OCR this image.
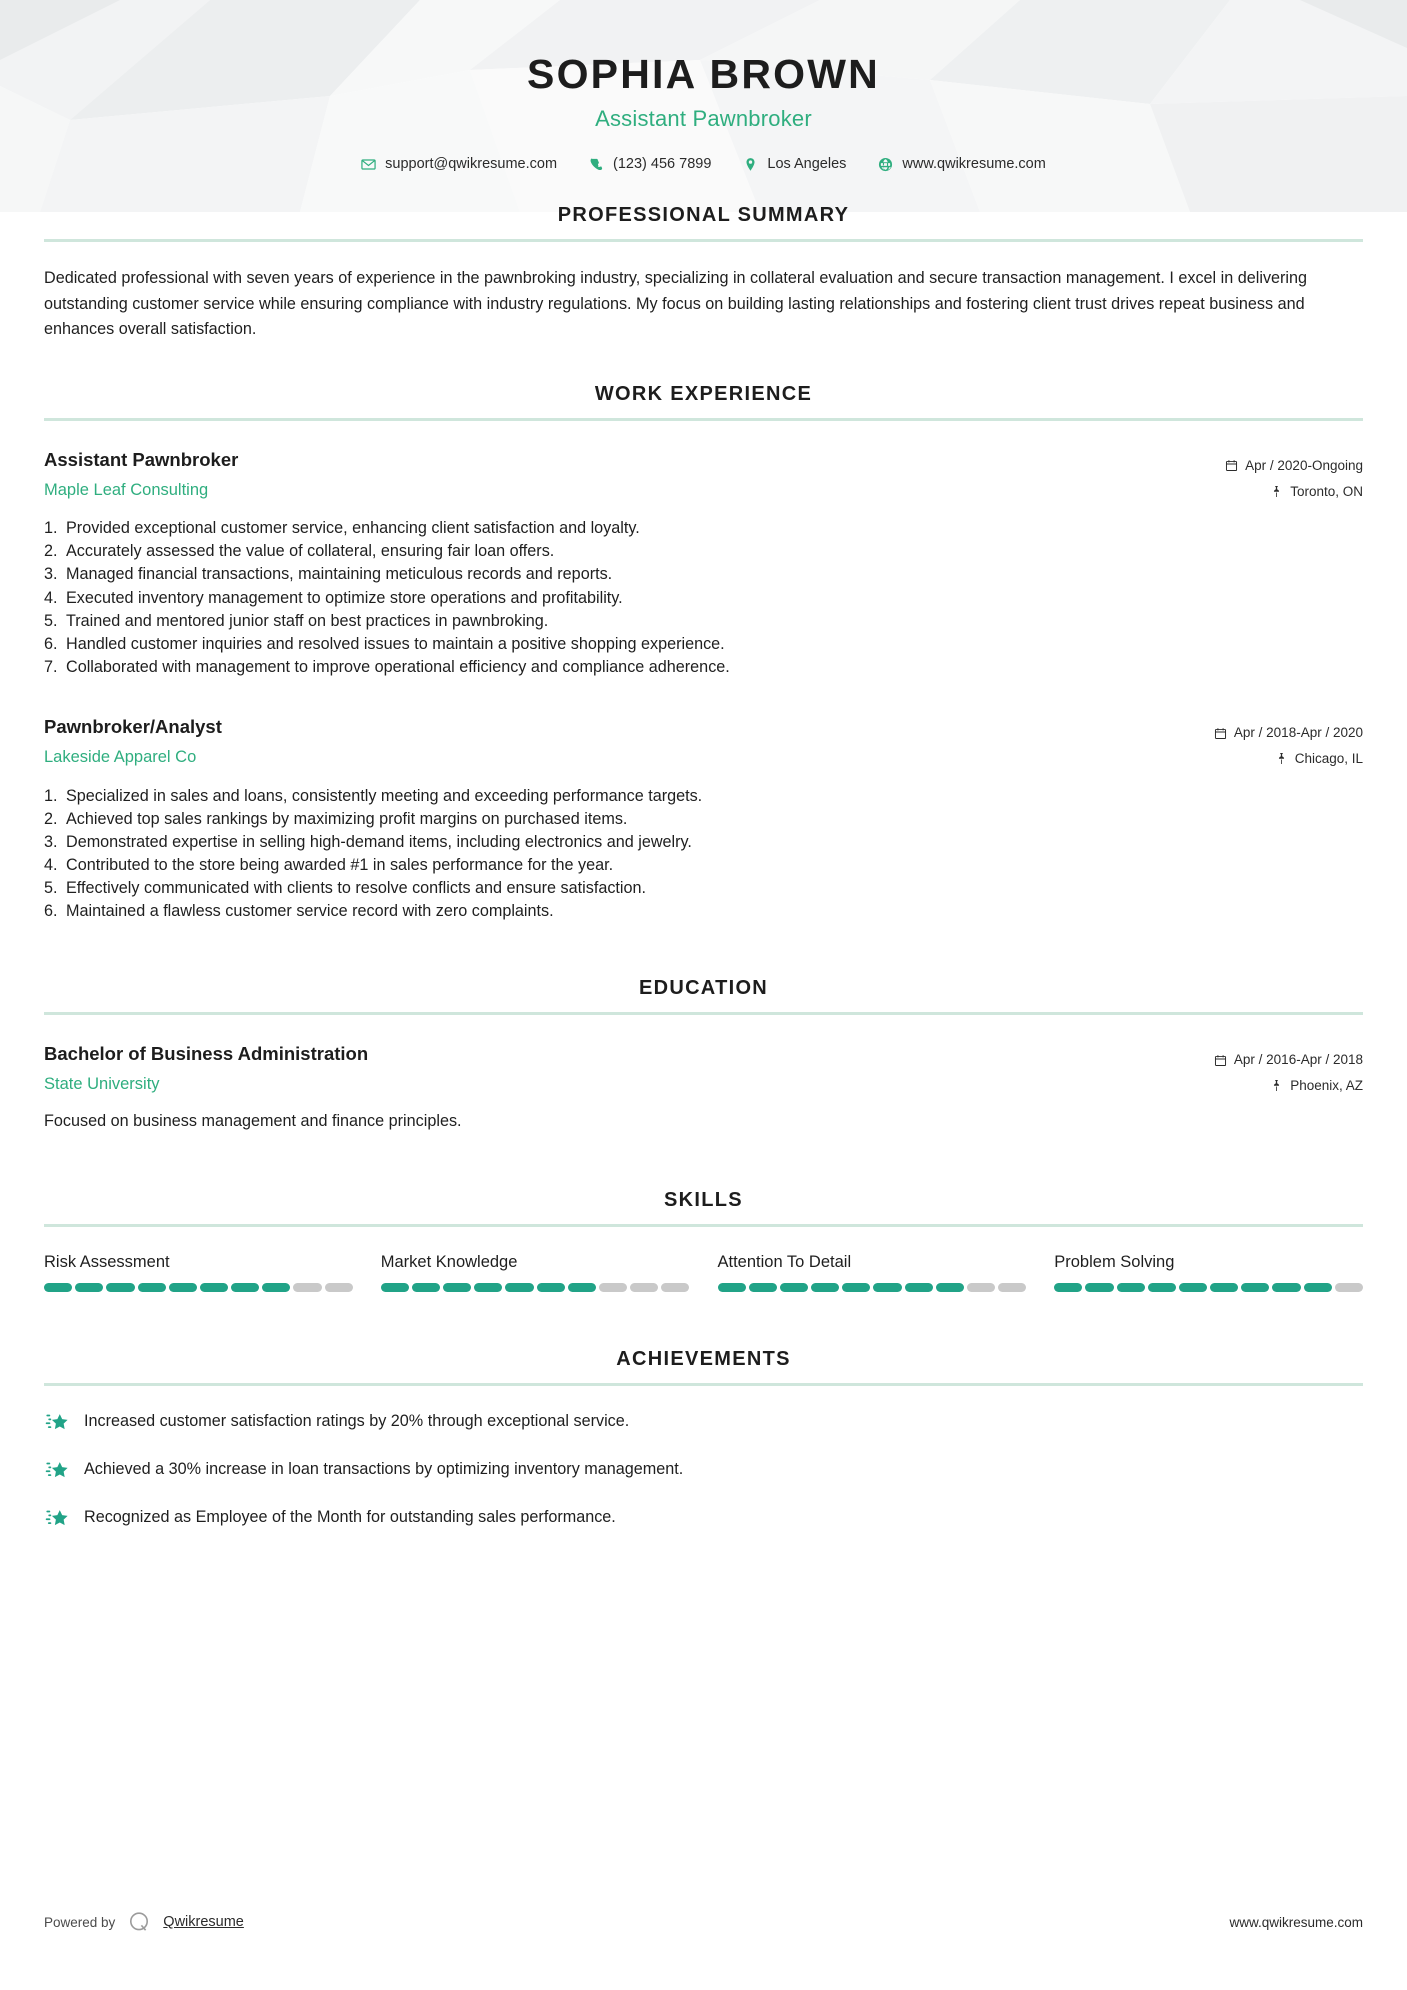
SOPHIA BROWN
Assistant Pawnbroker
support@qwikresume.com	(123) 456 7899	Los Angeles	www.qwikresume.com
PROFESSIONAL SUMMARY

Dedicated professional with seven years of experience in the pawnbroking industry, specializing in collateral evaluation and secure transaction management. I excel in delivering outstanding customer service while ensuring compliance with industry regulations. My focus on building lasting relationships and fostering client trust drives repeat business and enhances overall satisfaction.

WORK EXPERIENCE
Assistant Pawnbroker
Maple Leaf Consulting
Apr / 2020-Ongoing
Toronto, ON
1. Provided exceptional customer service, enhancing client satisfaction and loyalty.
2. Accurately assessed the value of collateral, ensuring fair loan offers.
3. Managed financial transactions, maintaining meticulous records and reports.
4. Executed inventory management to optimize store operations and profitability.
5. Trained and mentored junior staff on best practices in pawnbroking.
6. Handled customer inquiries and resolved issues to maintain a positive shopping experience.
7. Collaborated with management to improve operational efficiency and compliance adherence.
Pawnbroker/Analyst
Lakeside Apparel Co
Apr / 2018-Apr / 2020
Chicago, IL
1. Specialized in sales and loans, consistently meeting and exceeding performance targets.
2. Achieved top sales rankings by maximizing profit margins on purchased items.
3. Demonstrated expertise in selling high-demand items, including electronics and jewelry.
4. Contributed to the store being awarded #1 in sales performance for the year.
5. Effectively communicated with clients to resolve conflicts and ensure satisfaction.
6. Maintained a flawless customer service record with zero complaints.
EDUCATION
Bachelor of Business Administration
State University
Apr / 2016-Apr / 2018
Phoenix, AZ
Focused on business management and finance principles.
SKILLS
Risk Assessment	Market Knowledge	Attention To Detail	Problem Solving
ACHIEVEMENTS
Increased customer satisfaction ratings by 20% through exceptional service.
Achieved a 30% increase in loan transactions by optimizing inventory management.
Recognized as Employee of the Month for outstanding sales performance.
Powered by	Qwikresume	www.qwikresume.com
